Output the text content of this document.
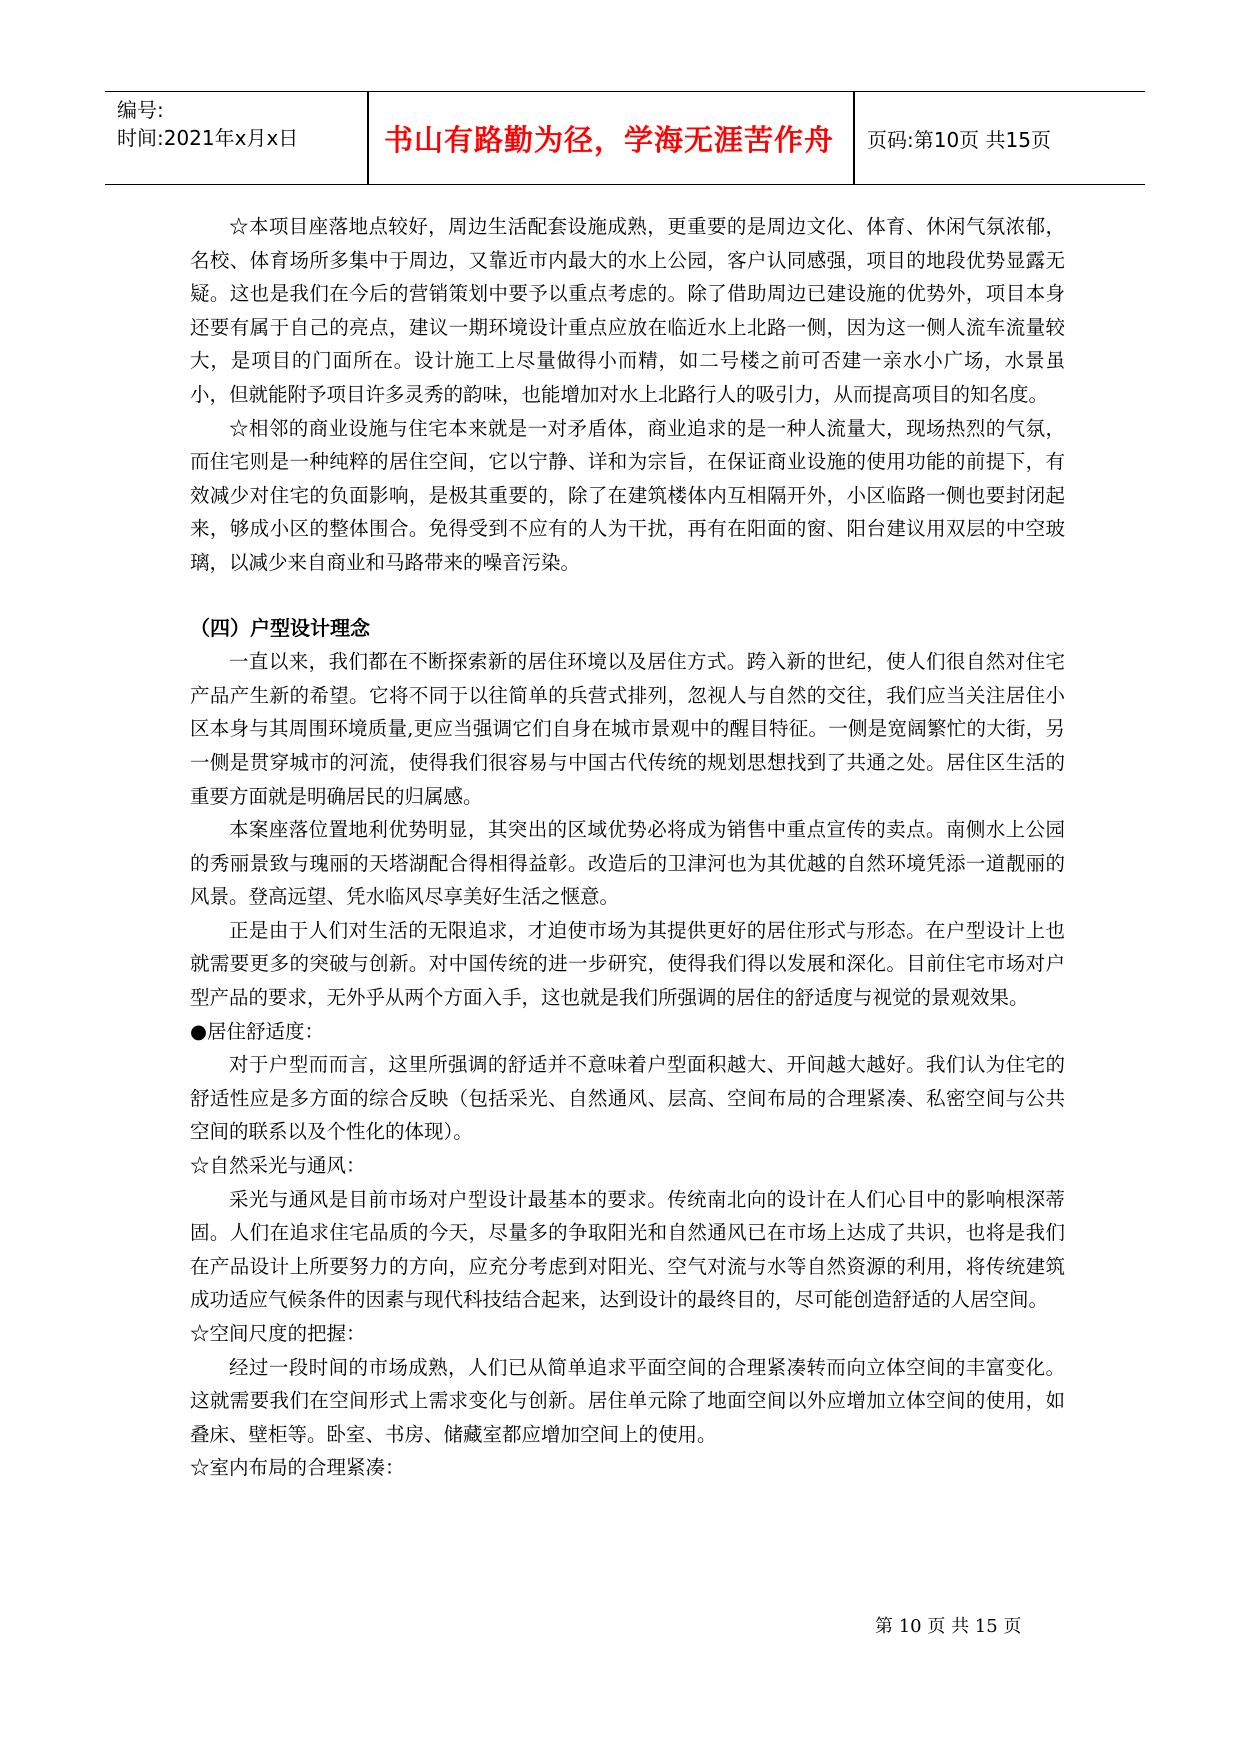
编号:
时间:2021年x月x日	书山有路勤为径，学海无涯苦作舟	页码:第10页 共15页

☆本项目座落地点较好，周边生活配套设施成熟，更重要的是周边文化、体育、休闲气氛浓郁，名校、体育场所多集中于周边，又靠近市内最大的水上公园，客户认同感强，项目的地段优势显露无疑。这也是我们在今后的营销策划中要予以重点考虑的。除了借助周边已建设施的优势外，项目本身还要有属于自己的亮点，建议一期环境设计重点应放在临近水上北路一侧，因为这一侧人流车流量较大，是项目的门面所在。设计施工上尽量做得小而精，如二号楼之前可否建一亲水小广场，水景虽小，但就能附予项目许多灵秀的韵味，也能增加对水上北路行人的吸引力，从而提高项目的知名度。

☆相邻的商业设施与住宅本来就是一对矛盾体，商业追求的是一种人流量大，现场热烈的气氛，而住宅则是一种纯粹的居住空间，它以宁静、详和为宗旨，在保证商业设施的使用功能的前提下，有效减少对住宅的负面影响，是极其重要的，除了在建筑楼体内互相隔开外，小区临路一侧也要封闭起来，够成小区的整体围合。免得受到不应有的人为干扰，再有在阳面的窗、阳台建议用双层的中空玻璃，以减少来自商业和马路带来的噪音污染。

（四）户型设计理念

一直以来，我们都在不断探索新的居住环境以及居住方式。跨入新的世纪，使人们很自然对住宅产品产生新的希望。它将不同于以往简单的兵营式排列，忽视人与自然的交往，我们应当关注居住小区本身与其周围环境质量,更应当强调它们自身在城市景观中的醒目特征。一侧是宽阔繁忙的大街，另一侧是贯穿城市的河流，使得我们很容易与中国古代传统的规划思想找到了共通之处。居住区生活的重要方面就是明确居民的归属感。

本案座落位置地利优势明显，其突出的区域优势必将成为销售中重点宣传的卖点。南侧水上公园的秀丽景致与瑰丽的天塔湖配合得相得益彰。改造后的卫津河也为其优越的自然环境凭添一道靓丽的风景。登高远望、凭水临风尽享美好生活之惬意。

正是由于人们对生活的无限追求，才迫使市场为其提供更好的居住形式与形态。在户型设计上也就需要更多的突破与创新。对中国传统的进一步研究，使得我们得以发展和深化。目前住宅市场对户型产品的要求，无外乎从两个方面入手，这也就是我们所强调的居住的舒适度与视觉的景观效果。

●居住舒适度：

对于户型而而言，这里所强调的舒适并不意味着户型面积越大、开间越大越好。我们认为住宅的舒适性应是多方面的综合反映（包括采光、自然通风、层高、空间布局的合理紧凑、私密空间与公共空间的联系以及个性化的体现）。

☆自然采光与通风：

采光与通风是目前市场对户型设计最基本的要求。传统南北向的设计在人们心目中的影响根深蒂固。人们在追求住宅品质的今天，尽量多的争取阳光和自然通风已在市场上达成了共识，也将是我们在产品设计上所要努力的方向，应充分考虑到对阳光、空气对流与水等自然资源的利用，将传统建筑成功适应气候条件的因素与现代科技结合起来，达到设计的最终目的，尽可能创造舒适的人居空间。

☆空间尺度的把握：

经过一段时间的市场成熟，人们已从简单追求平面空间的合理紧凑转而向立体空间的丰富变化。这就需要我们在空间形式上需求变化与创新。居住单元除了地面空间以外应增加立体空间的使用，如叠床、壁柜等。卧室、书房、储藏室都应增加空间上的使用。

☆室内布局的合理紧凑：

第 10 页 共 15 页
